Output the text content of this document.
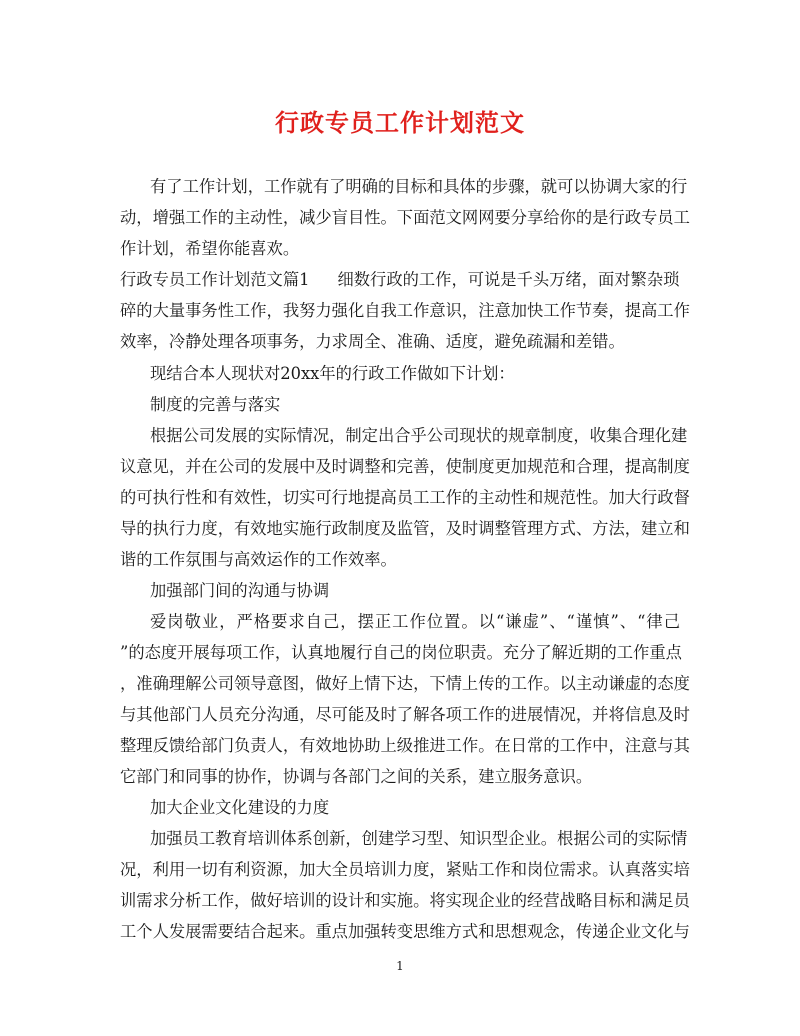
行政专员工作计划范文
有了工作计划，工作就有了明确的目标和具体的步骤，就可以协调大家的行
动，增强工作的主动性，减少盲目性。下面范文网网要分享给你的是行政专员工
作计划，希望你能喜欢。
行政专员工作计划范文篇1 细数行政的工作，可说是千头万绪，面对繁杂琐
碎的大量事务性工作，我努力强化自我工作意识，注意加快工作节奏，提高工作
效率，冷静处理各项事务，力求周全、准确、适度，避免疏漏和差错。
现结合本人现状对20xx年的行政工作做如下计划：
制度的完善与落实
根据公司发展的实际情况，制定出合乎公司现状的规章制度，收集合理化建
议意见，并在公司的发展中及时调整和完善，使制度更加规范和合理，提高制度
的可执行性和有效性，切实可行地提高员工工作的主动性和规范性。加大行政督
导的执行力度，有效地实施行政制度及监管，及时调整管理方式、方法，建立和
谐的工作氛围与高效运作的工作效率。
加强部门间的沟通与协调
爱岗敬业，严格要求自己，摆正工作位置。以“谦虚”、“谨慎”、“律己
”的态度开展每项工作，认真地履行自己的岗位职责。充分了解近期的工作重点
，准确理解公司领导意图，做好上情下达，下情上传的工作。以主动谦虚的态度
与其他部门人员充分沟通，尽可能及时了解各项工作的进展情况，并将信息及时
整理反馈给部门负责人，有效地协助上级推进工作。在日常的工作中，注意与其
它部门和同事的协作，协调与各部门之间的关系，建立服务意识。
加大企业文化建设的力度
加强员工教育培训体系创新，创建学习型、知识型企业。根据公司的实际情
况，利用一切有利资源，加大全员培训力度，紧贴工作和岗位需求。认真落实培
训需求分析工作，做好培训的设计和实施。将实现企业的经营战略目标和满足员
工个人发展需要结合起来。重点加强转变思维方式和思想观念，传递企业文化与
1
